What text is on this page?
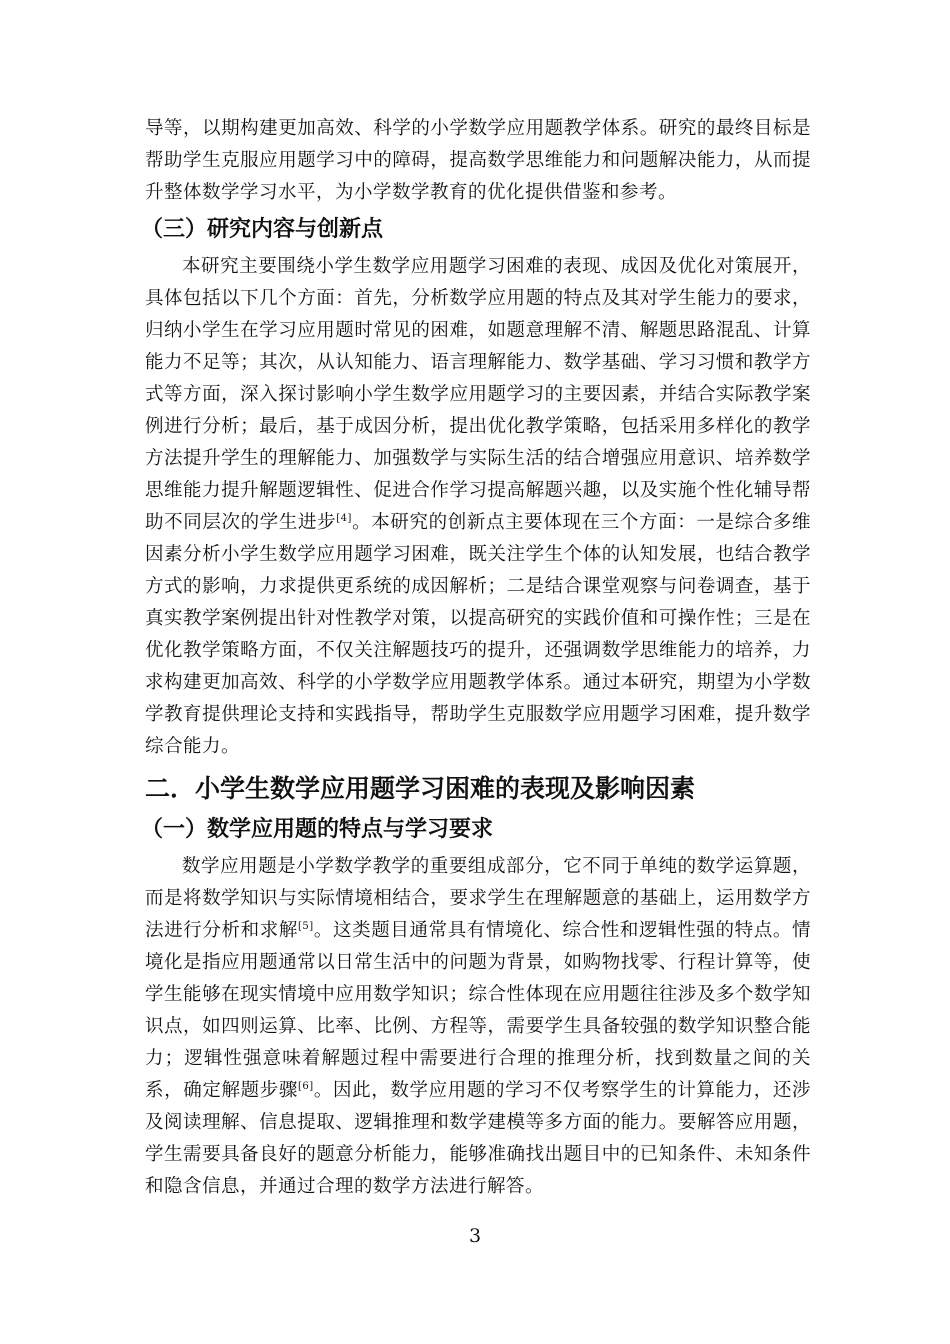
导等，以期构建更加高效、科学的小学数学应用题教学体系。研究的最终目标是帮助学生克服应用题学习中的障碍，提高数学思维能力和问题解决能力，从而提升整体数学学习水平，为小学数学教育的优化提供借鉴和参考。

（三）研究内容与创新点

本研究主要围绕小学生数学应用题学习困难的表现、成因及优化对策展开，具体包括以下几个方面：首先，分析数学应用题的特点及其对学生能力的要求，归纳小学生在学习应用题时常见的困难，如题意理解不清、解题思路混乱、计算能力不足等；其次，从认知能力、语言理解能力、数学基础、学习习惯和教学方式等方面，深入探讨影响小学生数学应用题学习的主要因素，并结合实际教学案例进行分析；最后，基于成因分析，提出优化教学策略，包括采用多样化的教学方法提升学生的理解能力、加强数学与实际生活的结合增强应用意识、培养数学思维能力提升解题逻辑性、促进合作学习提高解题兴趣，以及实施个性化辅导帮助不同层次的学生进步[4]。本研究的创新点主要体现在三个方面：一是综合多维因素分析小学生数学应用题学习困难，既关注学生个体的认知发展，也结合教学方式的影响，力求提供更系统的成因解析；二是结合课堂观察与问卷调查，基于真实教学案例提出针对性教学对策，以提高研究的实践价值和可操作性；三是在优化教学策略方面，不仅关注解题技巧的提升，还强调数学思维能力的培养，力求构建更加高效、科学的小学数学应用题教学体系。通过本研究，期望为小学数学教育提供理论支持和实践指导，帮助学生克服数学应用题学习困难，提升数学综合能力。

二．小学生数学应用题学习困难的表现及影响因素
（一）数学应用题的特点与学习要求

数学应用题是小学数学教学的重要组成部分，它不同于单纯的数学运算题，而是将数学知识与实际情境相结合，要求学生在理解题意的基础上，运用数学方法进行分析和求解[5]。这类题目通常具有情境化、综合性和逻辑性强的特点。情境化是指应用题通常以日常生活中的问题为背景，如购物找零、行程计算等，使学生能够在现实情境中应用数学知识；综合性体现在应用题往往涉及多个数学知识点，如四则运算、比率、比例、方程等，需要学生具备较强的数学知识整合能力；逻辑性强意味着解题过程中需要进行合理的推理分析，找到数量之间的关系，确定解题步骤[6]。因此，数学应用题的学习不仅考察学生的计算能力，还涉及阅读理解、信息提取、逻辑推理和数学建模等多方面的能力。要解答应用题，学生需要具备良好的题意分析能力，能够准确找出题目中的已知条件、未知条件和隐含信息，并通过合理的数学方法进行解答。

3
